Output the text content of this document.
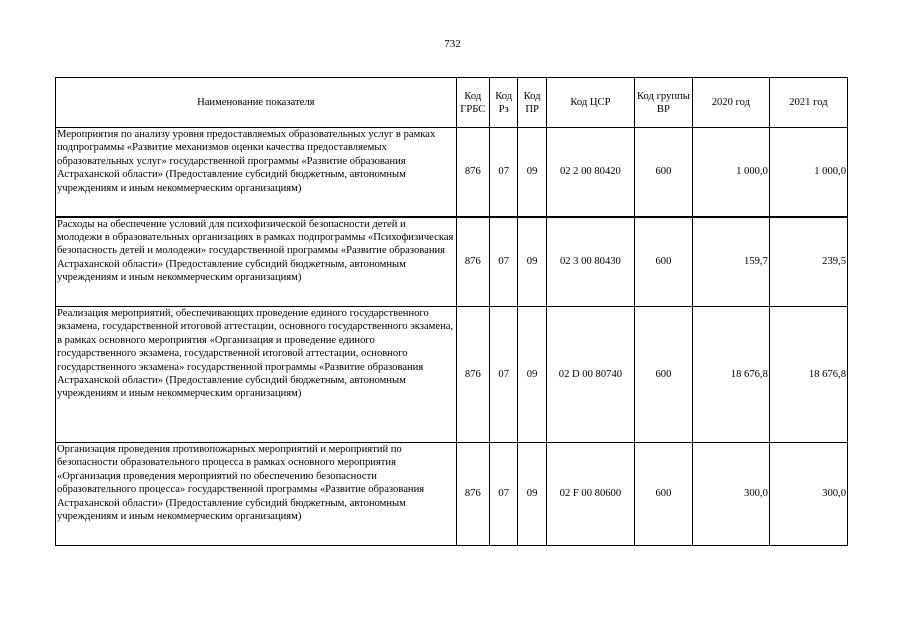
732
Наименование показателя	Код ГРБС	Код Рз	Код ПР	Код ЦСР	Код группы ВР	2020 год	2021 год
Мероприятия по анализу уровня предоставляемых образовательных услуг в рамках подпрограммы «Развитие механизмов оценки качества предоставляемых образовательных услуг» государственной программы «Развитие образования Астраханской области» (Предоставление субсидий бюджетным, автономным учреждениям и иным некоммерческим организациям)	876	07	09	02 2 00 80420	600	1 000,0	1 000,0
Расходы на обеспечение условий для психофизической безопасности детей и молодежи в образовательных организациях в рамках подпрограммы «Психофизическая безопасность детей и молодежи» государственной программы «Развитие образования Астраханской области» (Предоставление субсидий бюджетным, автономным учреждениям и иным некоммерческим организациям)	876	07	09	02 3 00 80430	600	159,7	239,5
Реализация мероприятий, обеспечивающих проведение единого государственного экзамена, государственной итоговой аттестации, основного государственного экзамена, в рамках основного мероприятия «Организация и проведение единого государственного экзамена, государственной итоговой аттестации, основного государственного экзамена» государственной программы «Развитие образования Астраханской области» (Предоставление субсидий бюджетным, автономным учреждениям и иным некоммерческим организациям)	876	07	09	02 D 00 80740	600	18 676,8	18 676,8
Организация проведения противопожарных мероприятий и мероприятий по безопасности образовательного процесса в рамках основного мероприятия «Организация проведения мероприятий по обеспечению безопасности образовательного процесса» государственной программы «Развитие образования Астраханской области» (Предоставление субсидий бюджетным, автономным учреждениям и иным некоммерческим организациям)	876	07	09	02 F 00 80600	600	300,0	300,0
